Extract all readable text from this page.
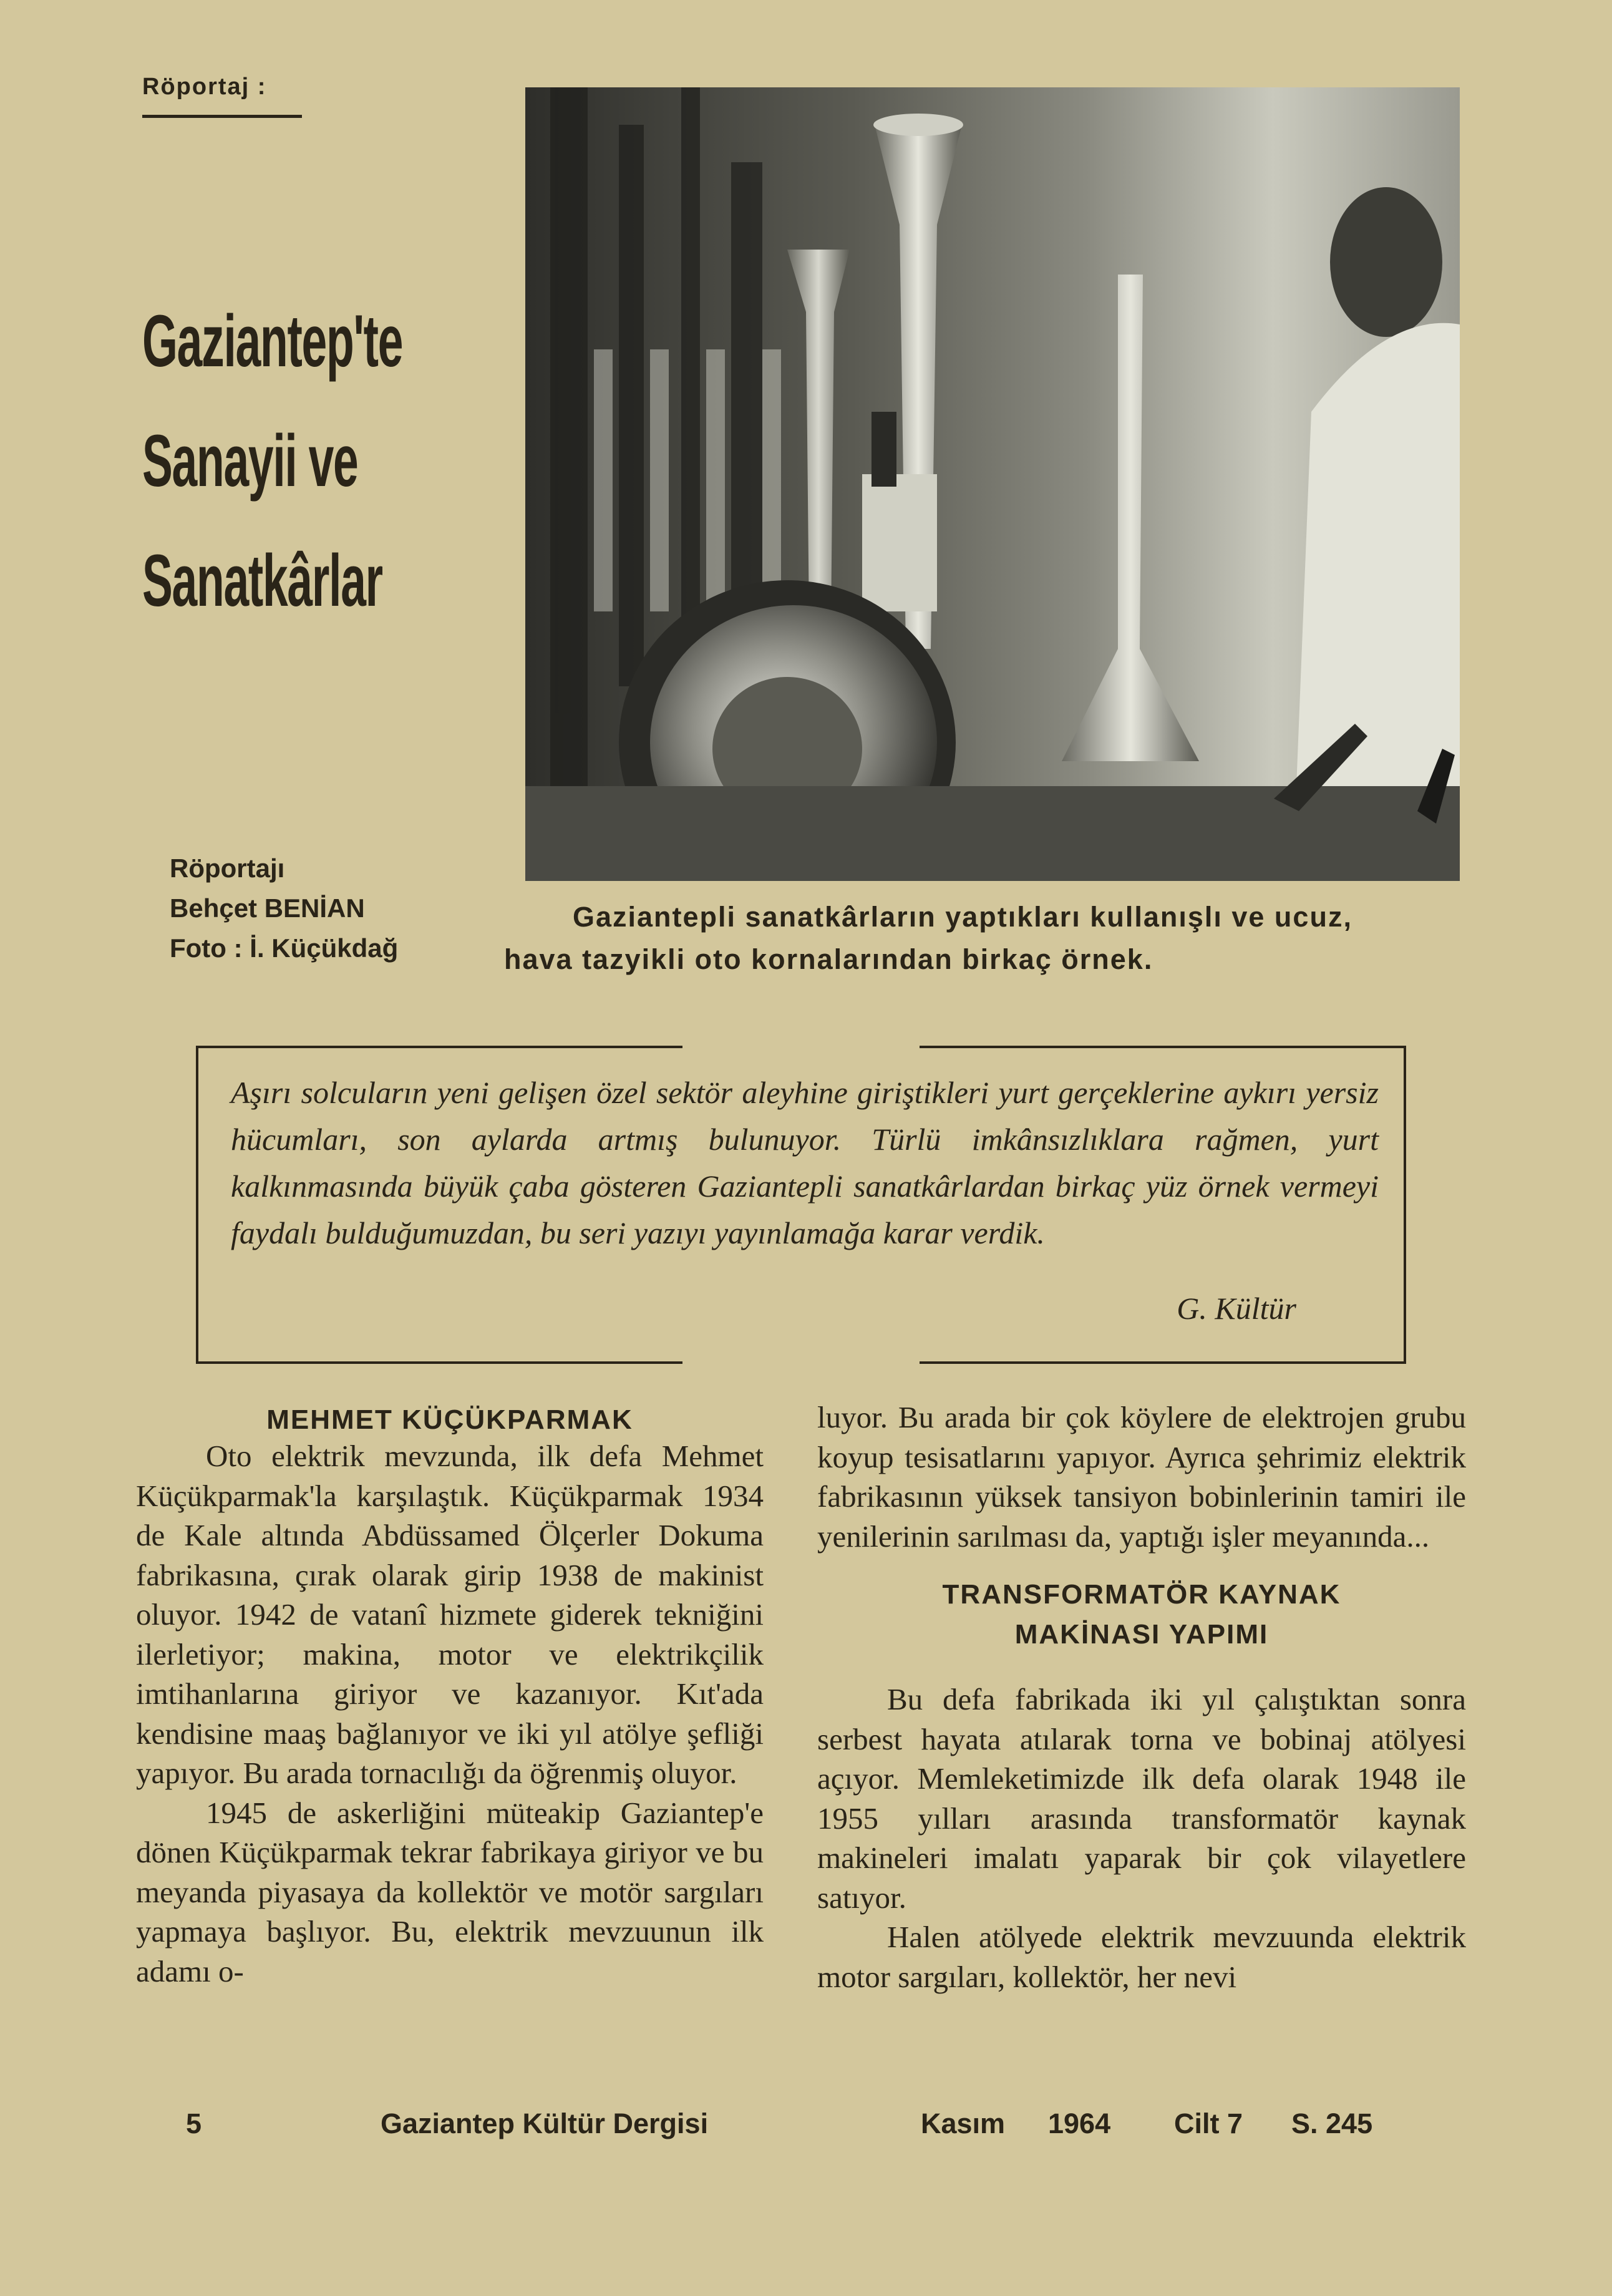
Röportaj :
Gaziantep'te
Sanayii ve
Sanatkârlar
Röportajı
Behçet BENİAN
Foto : İ. Küçükdağ
Gaziantepli sanatkârların yaptıkları kullanışlı ve ucuz,
hava tazyikli oto kornalarından birkaç örnek.
Aşırı solcuların yeni gelişen özel sektör aleyhine giriştikleri yurt gerçeklerine aykırı yersiz hücumları, son aylarda artmış bulunuyor. Türlü imkânsızlıklara rağmen, yurt kalkınmasında büyük çaba gösteren Gaziantepli sanatkârlardan birkaç yüz örnek vermeyi faydalı bulduğumuzdan, bu seri yazıyı yayınlamağa karar verdik.
G. Kültür
MEHMET KÜÇÜKPARMAK

Oto elektrik mevzunda, ilk defa Mehmet Küçükparmak'la karşılaştık. Küçükparmak 1934 de Kale altında Abdüssamed Ölçerler Dokuma fabrikasına, çırak olarak girip 1938 de makinist oluyor. 1942 de vatanî hizmete giderek tekniğini ilerletiyor; makina, motor ve elektrikçilik imtihanlarına giriyor ve kazanıyor. Kıt'ada kendisine maaş bağlanıyor ve iki yıl atölye şefliği yapıyor. Bu arada tornacılığı da öğrenmiş oluyor.

1945 de askerliğini müteakip Gaziantep'e dönen Küçükparmak tekrar fabrikaya giriyor ve bu meyanda piyasaya da kollektör ve motör sargıları yapmaya başlıyor. Bu, elektrik mevzuunun ilk adamı o-

luyor. Bu arada bir çok köylere de elektrojen grubu koyup tesisatlarını yapıyor. Ayrıca şehrimiz elektrik fabrikasının yüksek tansiyon bobinlerinin tamiri ile yenilerinin sarılması da, yaptığı işler meyanında...

TRANSFORMATÖR KAYNAK
MAKİNASI YAPIMI

Bu defa fabrikada iki yıl çalıştıktan sonra serbest hayata atılarak torna ve bobinaj atölyesi açıyor. Memleketimizde ilk defa olarak 1948 ile 1955 yılları arasında transformatör kaynak makineleri imalatı yaparak bir çok vilayetlere satıyor.

Halen atölyede elektrik mevzuunda elektrik motor sargıları, kollektör, her nevi

5	Gaziantep Kültür Dergisi	Kasım 1964 Cilt 7 S. 245
